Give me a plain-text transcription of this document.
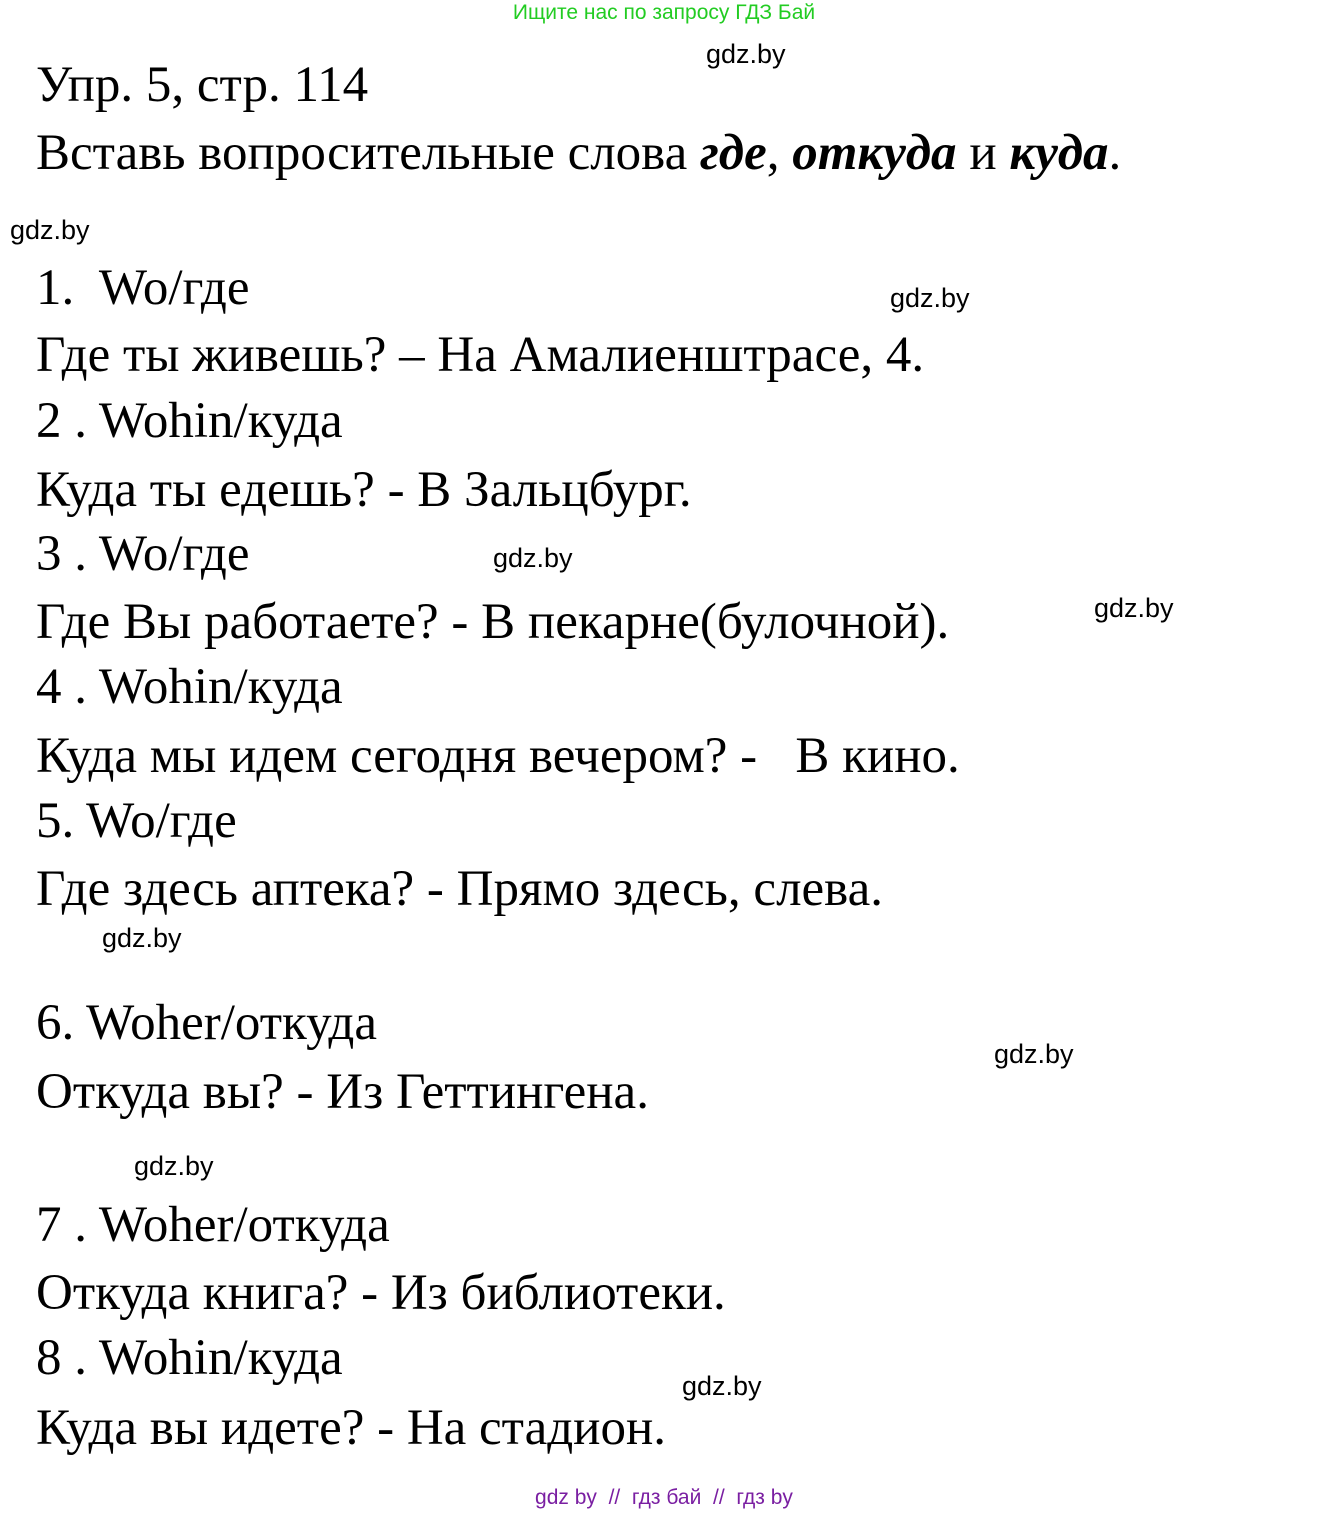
Ищите нас по запросу ГДЗ Бай
Упр. 5, стр. 114
Вставь вопросительные слова где, откуда и куда.
1.  Wo/где
Где ты живешь? – На Амалиенштрасе, 4.
2 . Wohin/куда
Куда ты едешь? - В Зальцбург.
3 . Wo/где
Где Вы работаете? - В пекарне(булочной).
4 . Wohin/куда
Куда мы идем сегодня вечером? -   В кино.
5. Wo/где
Где здесь аптека? - Прямо здесь, слева.
6. Woher/откуда
Откуда вы? - Из Геттингена.
7 . Woher/откуда
Откуда книга? - Из библиотеки.
8 . Wohin/куда
Куда вы идете? - На стадион.
gdz.by
gdz.by
gdz.by
gdz.by
gdz.by
gdz.by
gdz.by
gdz.by
gdz.by
gdz by  //  гдз бай  //  гдз by
